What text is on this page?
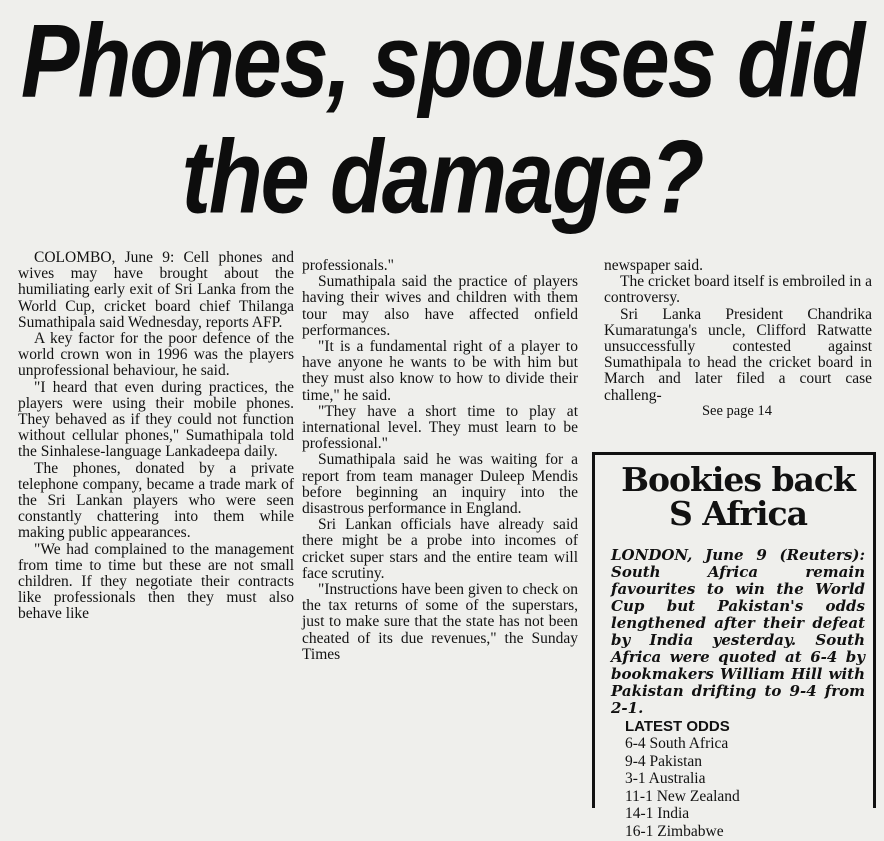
Phones, spouses did
the damage?

COLOMBO, June 9: Cell phones and wives may have brought about the humiliating early exit of Sri Lanka from the World Cup, cricket board chief Thilanga Sumathipala said Wednesday, reports AFP.

A key factor for the poor defence of the world crown won in 1996 was the players unprofessional behaviour, he said.

"I heard that even during practices, the players were using their mobile phones. They behaved as if they could not function without cellular phones," Sumathipala told the Sinhalese-language Lankadeepa daily.

The phones, donated by a private telephone company, became a trade mark of the Sri Lankan players who were seen constantly chattering into them while making public appearances.

"We had complained to the management from time to time but these are not small children. If they negotiate their contracts like professionals then they must also behave like

professionals."

Sumathipala said the practice of players having their wives and children with them tour may also have affected onfield performances.

"It is a fundamental right of a player to have anyone he wants to be with him but they must also know to how to divide their time," he said.

"They have a short time to play at international level. They must learn to be professional."

Sumathipala said he was waiting for a report from team manager Duleep Mendis before beginning an inquiry into the disastrous performance in England.

Sri Lankan officials have already said there might be a probe into incomes of cricket super stars and the entire team will face scrutiny.

"Instructions have been given to check on the tax returns of some of the superstars, just to make sure that the state has not been cheated of its due revenues," the Sunday Times

newspaper said.

The cricket board itself is embroiled in a controversy.

Sri Lanka President Chandrika Kumaratunga's uncle, Clifford Ratwatte unsuccessfully contested against Sumathipala to head the cricket board in March and later filed a court case challeng-

See page 14
Bookies back
S Africa
LONDON, June 9 (Reuters): South Africa remain favourites to win the World Cup but Pakistan's odds lengthened after their defeat by India yesterday. South Africa were quoted at 6-4 by bookmakers William Hill with Pakistan drifting to 9-4 from 2-1.
LATEST ODDS
6-4 South Africa
9-4 Pakistan
3-1 Australia
11-1 New Zealand
14-1 India
16-1 Zimbabwe
